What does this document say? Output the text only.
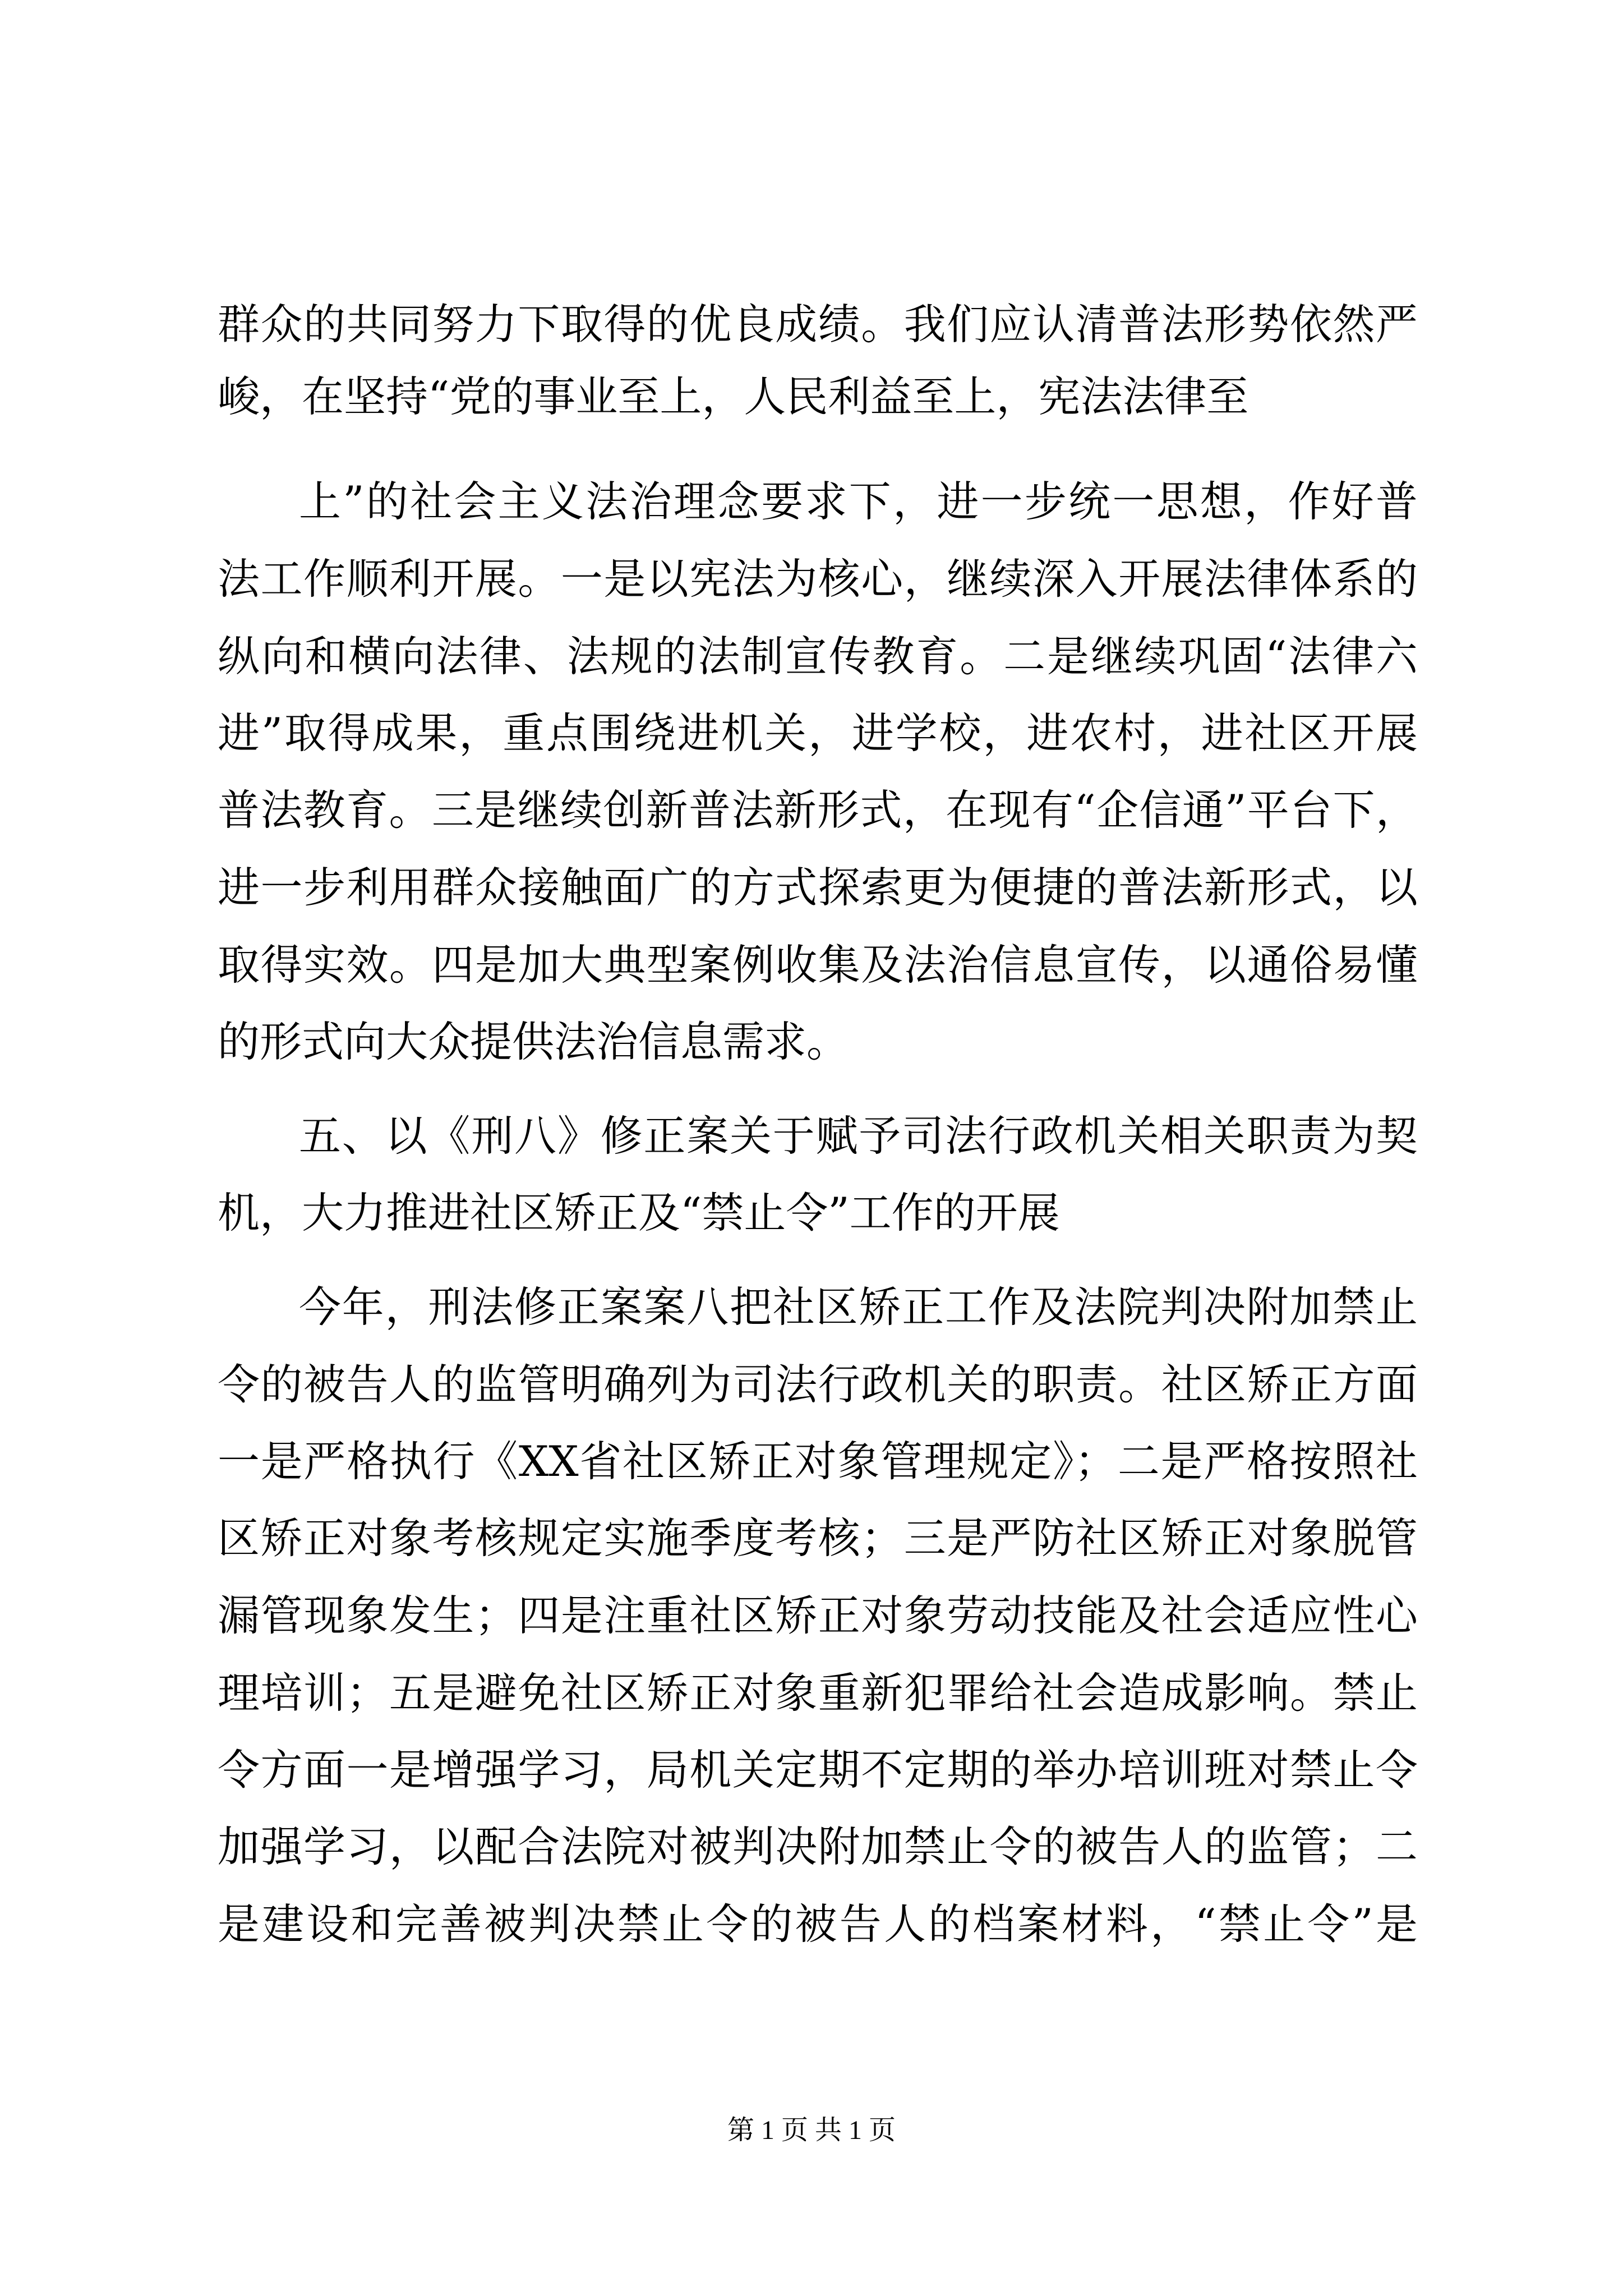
群众的共同努力下取得的优良成绩。我们应认清普法形势依然严
峻，在坚持“党的事业至上，人民利益至上，宪法法律至
上”的社会主义法治理念要求下，进一步统一思想，作好普
法工作顺利开展。一是以宪法为核心，继续深入开展法律体系的
纵向和横向法律、法规的法制宣传教育。二是继续巩固“法律六
进”取得成果，重点围绕进机关，进学校，进农村，进社区开展
普法教育。三是继续创新普法新形式，在现有“企信通”平台下，
进一步利用群众接触面广的方式探索更为便捷的普法新形式，以
取得实效。四是加大典型案例收集及法治信息宣传，以通俗易懂
的形式向大众提供法治信息需求。
五、以《刑八》修正案关于赋予司法行政机关相关职责为契
机，大力推进社区矫正及“禁止令”工作的开展
今年，刑法修正案案八把社区矫正工作及法院判决附加禁止
令的被告人的监管明确列为司法行政机关的职责。社区矫正方面
一是严格执行《XX省社区矫正对象管理规定》；二是严格按照社
区矫正对象考核规定实施季度考核；三是严防社区矫正对象脱管
漏管现象发生；四是注重社区矫正对象劳动技能及社会适应性心
理培训；五是避免社区矫正对象重新犯罪给社会造成影响。禁止
令方面一是增强学习，局机关定期不定期的举办培训班对禁止令
加强学习，以配合法院对被判决附加禁止令的被告人的监管；二
是建设和完善被判决禁止令的被告人的档案材料，“禁止令”是
第 1 页 共 1 页
